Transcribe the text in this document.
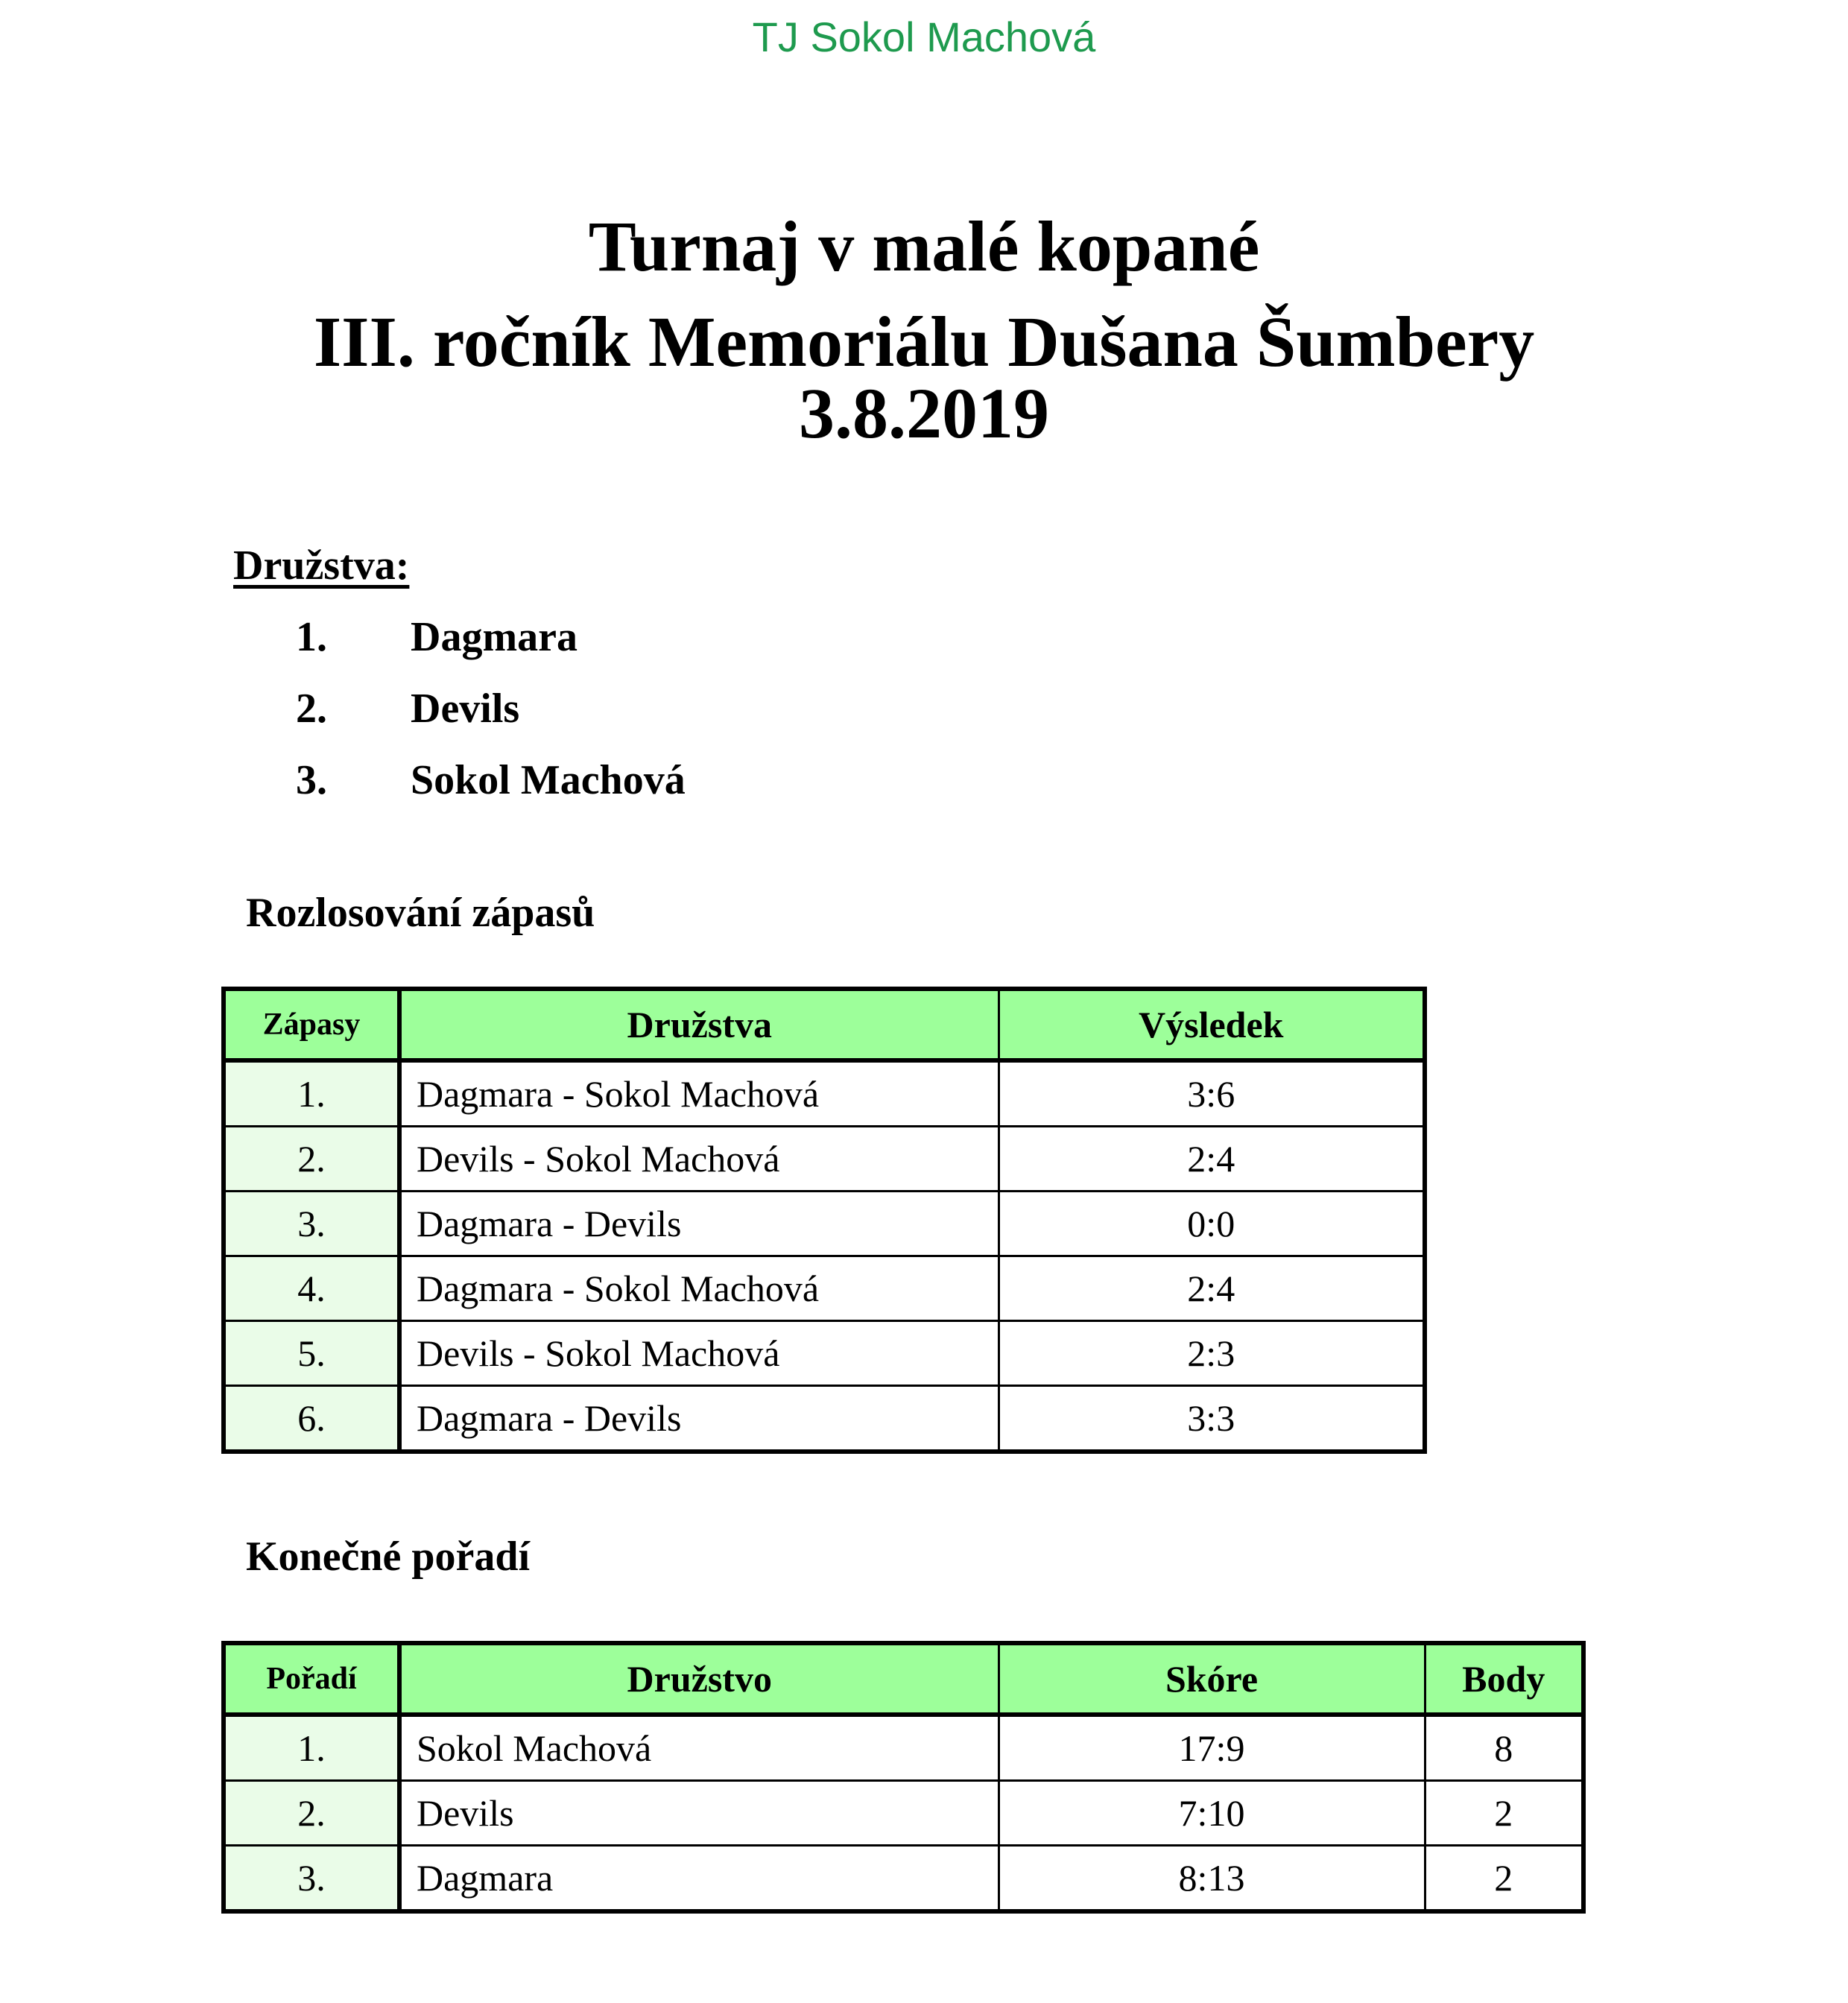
TJ Sokol Machová
Turnaj v malé kopané
III. ročník Memoriálu Dušana Šumbery
3.8.2019
Družstva:
1. Dagmara
2. Devils
3. Sokol Machová
Rozlosování zápasů
Zápasy	Družstva	Výsledek
1.	Dagmara - Sokol Machová	3:6
2.	Devils - Sokol Machová	2:4
3.	Dagmara - Devils	0:0
4.	Dagmara - Sokol Machová	2:4
5.	Devils - Sokol Machová	2:3
6.	Dagmara - Devils	3:3
Konečné pořadí
Pořadí	Družstvo	Skóre	Body
1.	Sokol Machová	17:9	8
2.	Devils	7:10	2
3.	Dagmara	8:13	2
